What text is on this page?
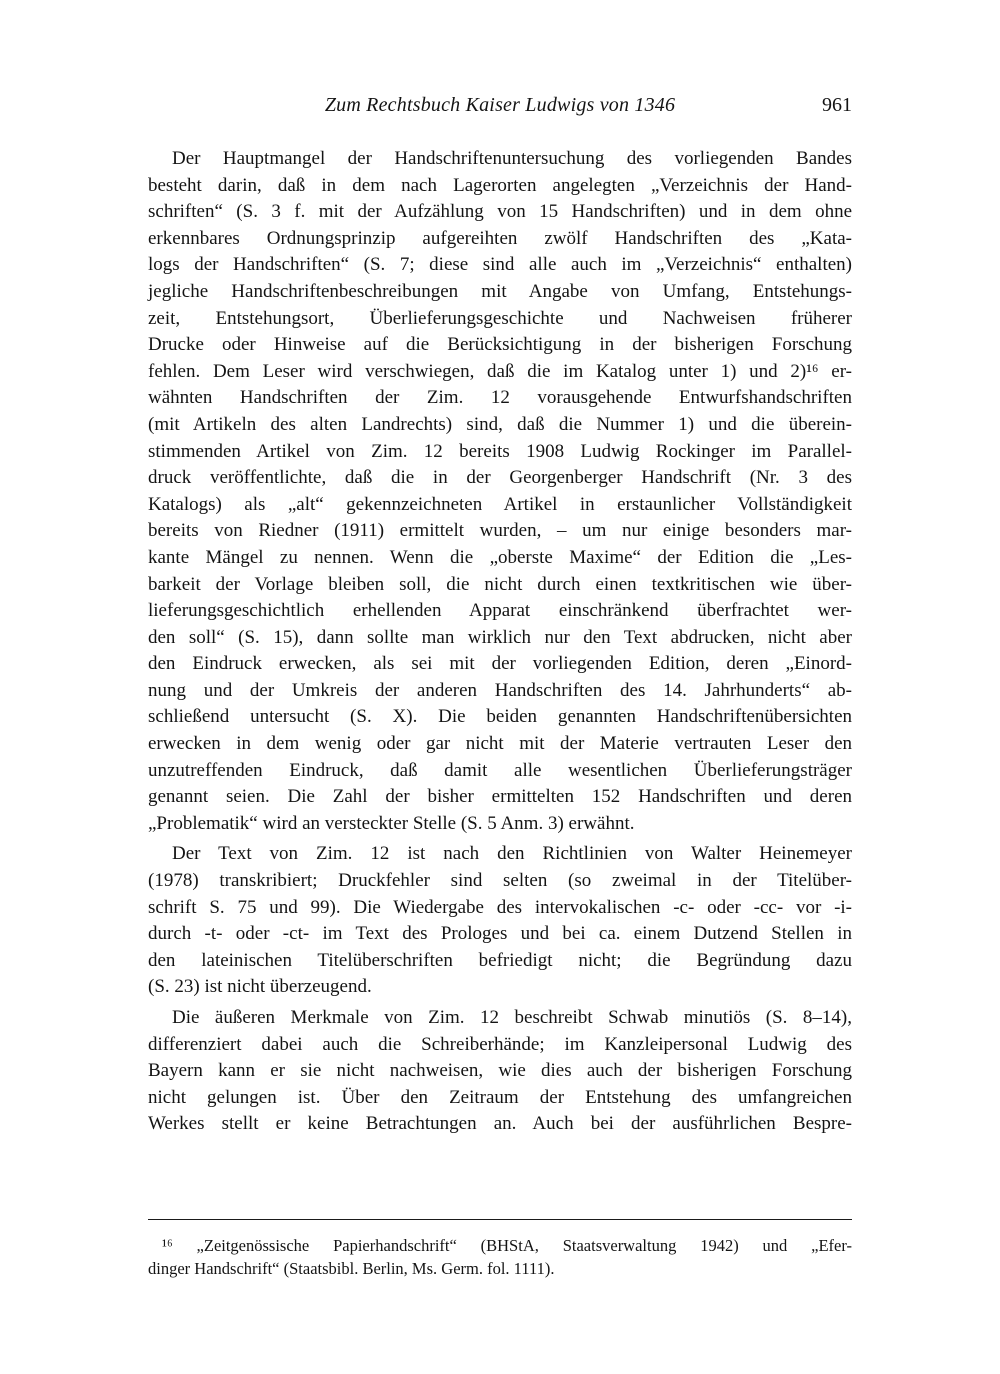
Zum Rechtsbuch Kaiser Ludwigs von 1346	961
Der Hauptmangel der Handschriftenuntersuchung des vorliegenden Bandes
besteht darin, daß in dem nach Lagerorten angelegten „Verzeichnis der Hand-
schriften“ (S. 3 f. mit der Aufzählung von 15 Handschriften) und in dem ohne
erkennbares Ordnungsprinzip aufgereihten zwölf Handschriften des „Kata-
logs der Handschriften“ (S. 7; diese sind alle auch im „Verzeichnis“ enthalten)
jegliche Handschriftenbeschreibungen mit Angabe von Umfang, Entstehungs-
zeit, Entstehungsort, Überlieferungsgeschichte und Nachweisen früherer
Drucke oder Hinweise auf die Berücksichtigung in der bisherigen Forschung
fehlen. Dem Leser wird verschwiegen, daß die im Katalog unter 1) und 2)¹⁶ er-
wähnten Handschriften der Zim. 12 vorausgehende Entwurfshandschriften
(mit Artikeln des alten Landrechts) sind, daß die Nummer 1) und die überein-
stimmenden Artikel von Zim. 12 bereits 1908 Ludwig Rockinger im Parallel-
druck veröffentlichte, daß die in der Georgenberger Handschrift (Nr. 3 des
Katalogs) als „alt“ gekennzeichneten Artikel in erstaunlicher Vollständigkeit
bereits von Riedner (1911) ermittelt wurden, – um nur einige besonders mar-
kante Mängel zu nennen. Wenn die „oberste Maxime“ der Edition die „Les-
barkeit der Vorlage bleiben soll, die nicht durch einen textkritischen wie über-
lieferungsgeschichtlich erhellenden Apparat einschränkend überfrachtet wer-
den soll“ (S. 15), dann sollte man wirklich nur den Text abdrucken, nicht aber
den Eindruck erwecken, als sei mit der vorliegenden Edition, deren „Einord-
nung und der Umkreis der anderen Handschriften des 14. Jahrhunderts“ ab-
schließend untersucht (S. X). Die beiden genannten Handschriftenübersichten
erwecken in dem wenig oder gar nicht mit der Materie vertrauten Leser den
unzutreffenden Eindruck, daß damit alle wesentlichen Überlieferungsträger
genannt seien. Die Zahl der bisher ermittelten 152 Handschriften und deren
„Problematik“ wird an versteckter Stelle (S. 5 Anm. 3) erwähnt.
Der Text von Zim. 12 ist nach den Richtlinien von Walter Heinemeyer
(1978) transkribiert; Druckfehler sind selten (so zweimal in der Titelüber-
schrift S. 75 und 99). Die Wiedergabe des intervokalischen -c- oder -cc- vor -i-
durch -t- oder -ct- im Text des Prologes und bei ca. einem Dutzend Stellen in
den lateinischen Titelüberschriften befriedigt nicht; die Begründung dazu
(S. 23) ist nicht überzeugend.
Die äußeren Merkmale von Zim. 12 beschreibt Schwab minutiös (S. 8–14),
differenziert dabei auch die Schreiberhände; im Kanzleipersonal Ludwig des
Bayern kann er sie nicht nachweisen, wie dies auch der bisherigen Forschung
nicht gelungen ist. Über den Zeitraum der Entstehung des umfangreichen
Werkes stellt er keine Betrachtungen an. Auch bei der ausführlichen Bespre-
¹⁶ „Zeitgenössische Papierhandschrift“ (BHStA, Staatsverwaltung 1942) und „Efer-
dinger Handschrift“ (Staatsbibl. Berlin, Ms. Germ. fol. 1111).
